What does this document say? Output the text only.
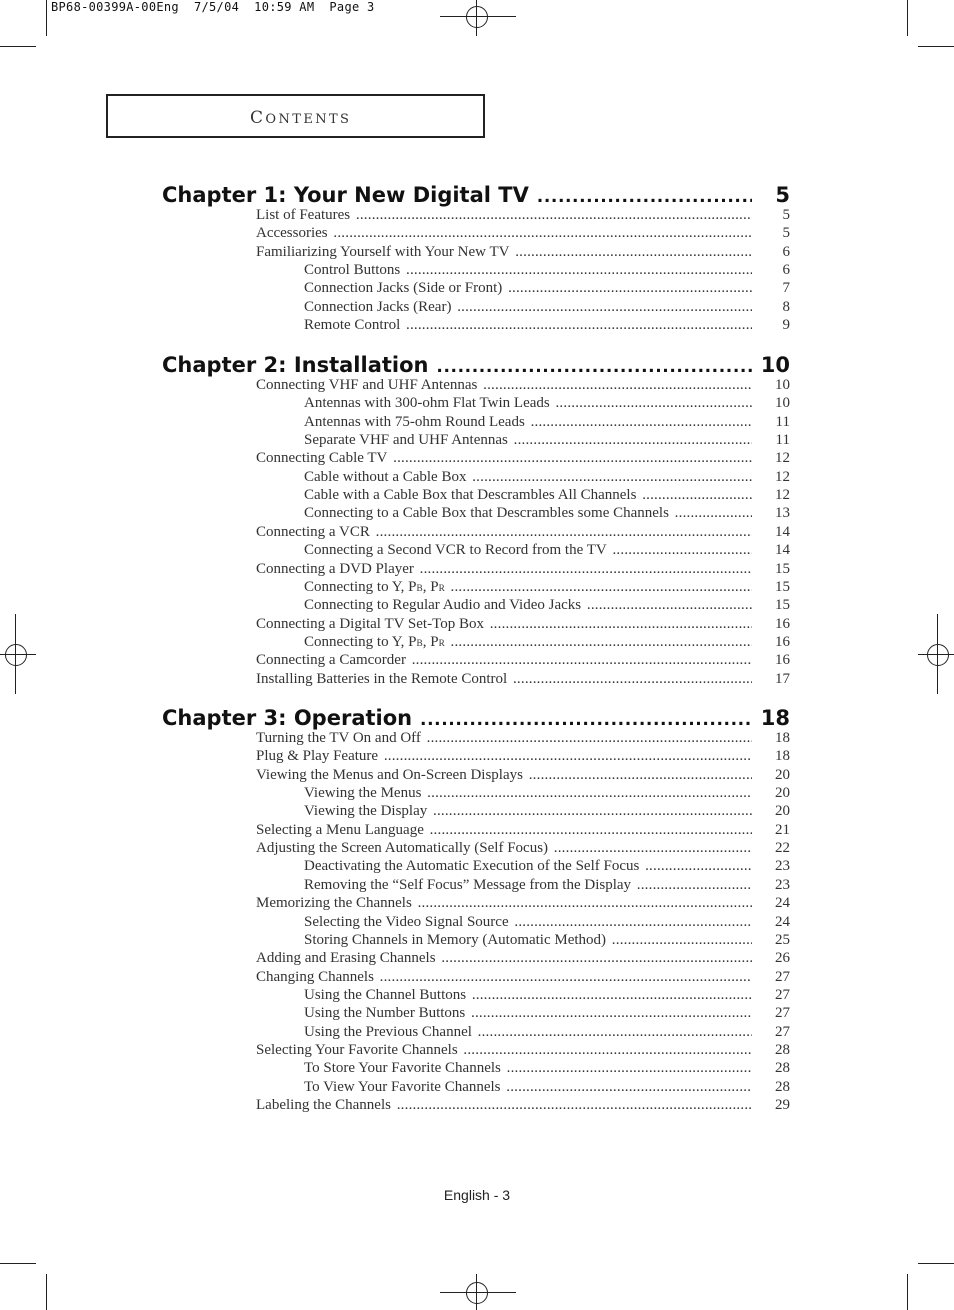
BP68-00399A-00Eng  7/5/04  10:59 AM  Page 3
CONTENTS
Chapter 1: Your New Digital TV .....	5
List of Features .....	5
Accessories .....	5
Familiarizing Yourself with Your New TV .....	6
Control Buttons .....	6
Connection Jacks (Side or Front) .....	7
Connection Jacks (Rear) .....	8
Remote Control .....	9
Chapter 2: Installation .....	10
Connecting VHF and UHF Antennas .....	10
Antennas with 300-ohm Flat Twin Leads .....	10
Antennas with 75-ohm Round Leads .....	11
Separate VHF and UHF Antennas .....	11
Connecting Cable TV .....	12
Cable without a Cable Box .....	12
Cable with a Cable Box that Descrambles All Channels .....	12
Connecting to a Cable Box that Descrambles some Channels .....	13
Connecting a VCR .....	14
Connecting a Second VCR to Record from the TV .....	14
Connecting a DVD Player .....	15
Connecting to Y, PB, PR .....	15
Connecting to Regular Audio and Video Jacks .....	15
Connecting a Digital TV Set-Top Box .....	16
Connecting to Y, PB, PR .....	16
Connecting a Camcorder .....	16
Installing Batteries in the Remote Control .....	17
Chapter 3: Operation .....	18
Turning the TV On and Off .....	18
Plug & Play Feature .....	18
Viewing the Menus and On-Screen Displays .....	20
Viewing the Menus .....	20
Viewing the Display .....	20
Selecting a Menu Language .....	21
Adjusting the Screen Automatically (Self Focus) .....	22
Deactivating the Automatic Execution of the Self Focus .....	23
Removing the “Self Focus” Message from the Display .....	23
Memorizing the Channels .....	24
Selecting the Video Signal Source .....	24
Storing Channels in Memory (Automatic Method) .....	25
Adding and Erasing Channels .....	26
Changing Channels .....	27
Using the Channel Buttons .....	27
Using the Number Buttons .....	27
Using the Previous Channel .....	27
Selecting Your Favorite Channels .....	28
To Store Your Favorite Channels .....	28
To View Your Favorite Channels .....	28
Labeling the Channels .....	29
English - 3
